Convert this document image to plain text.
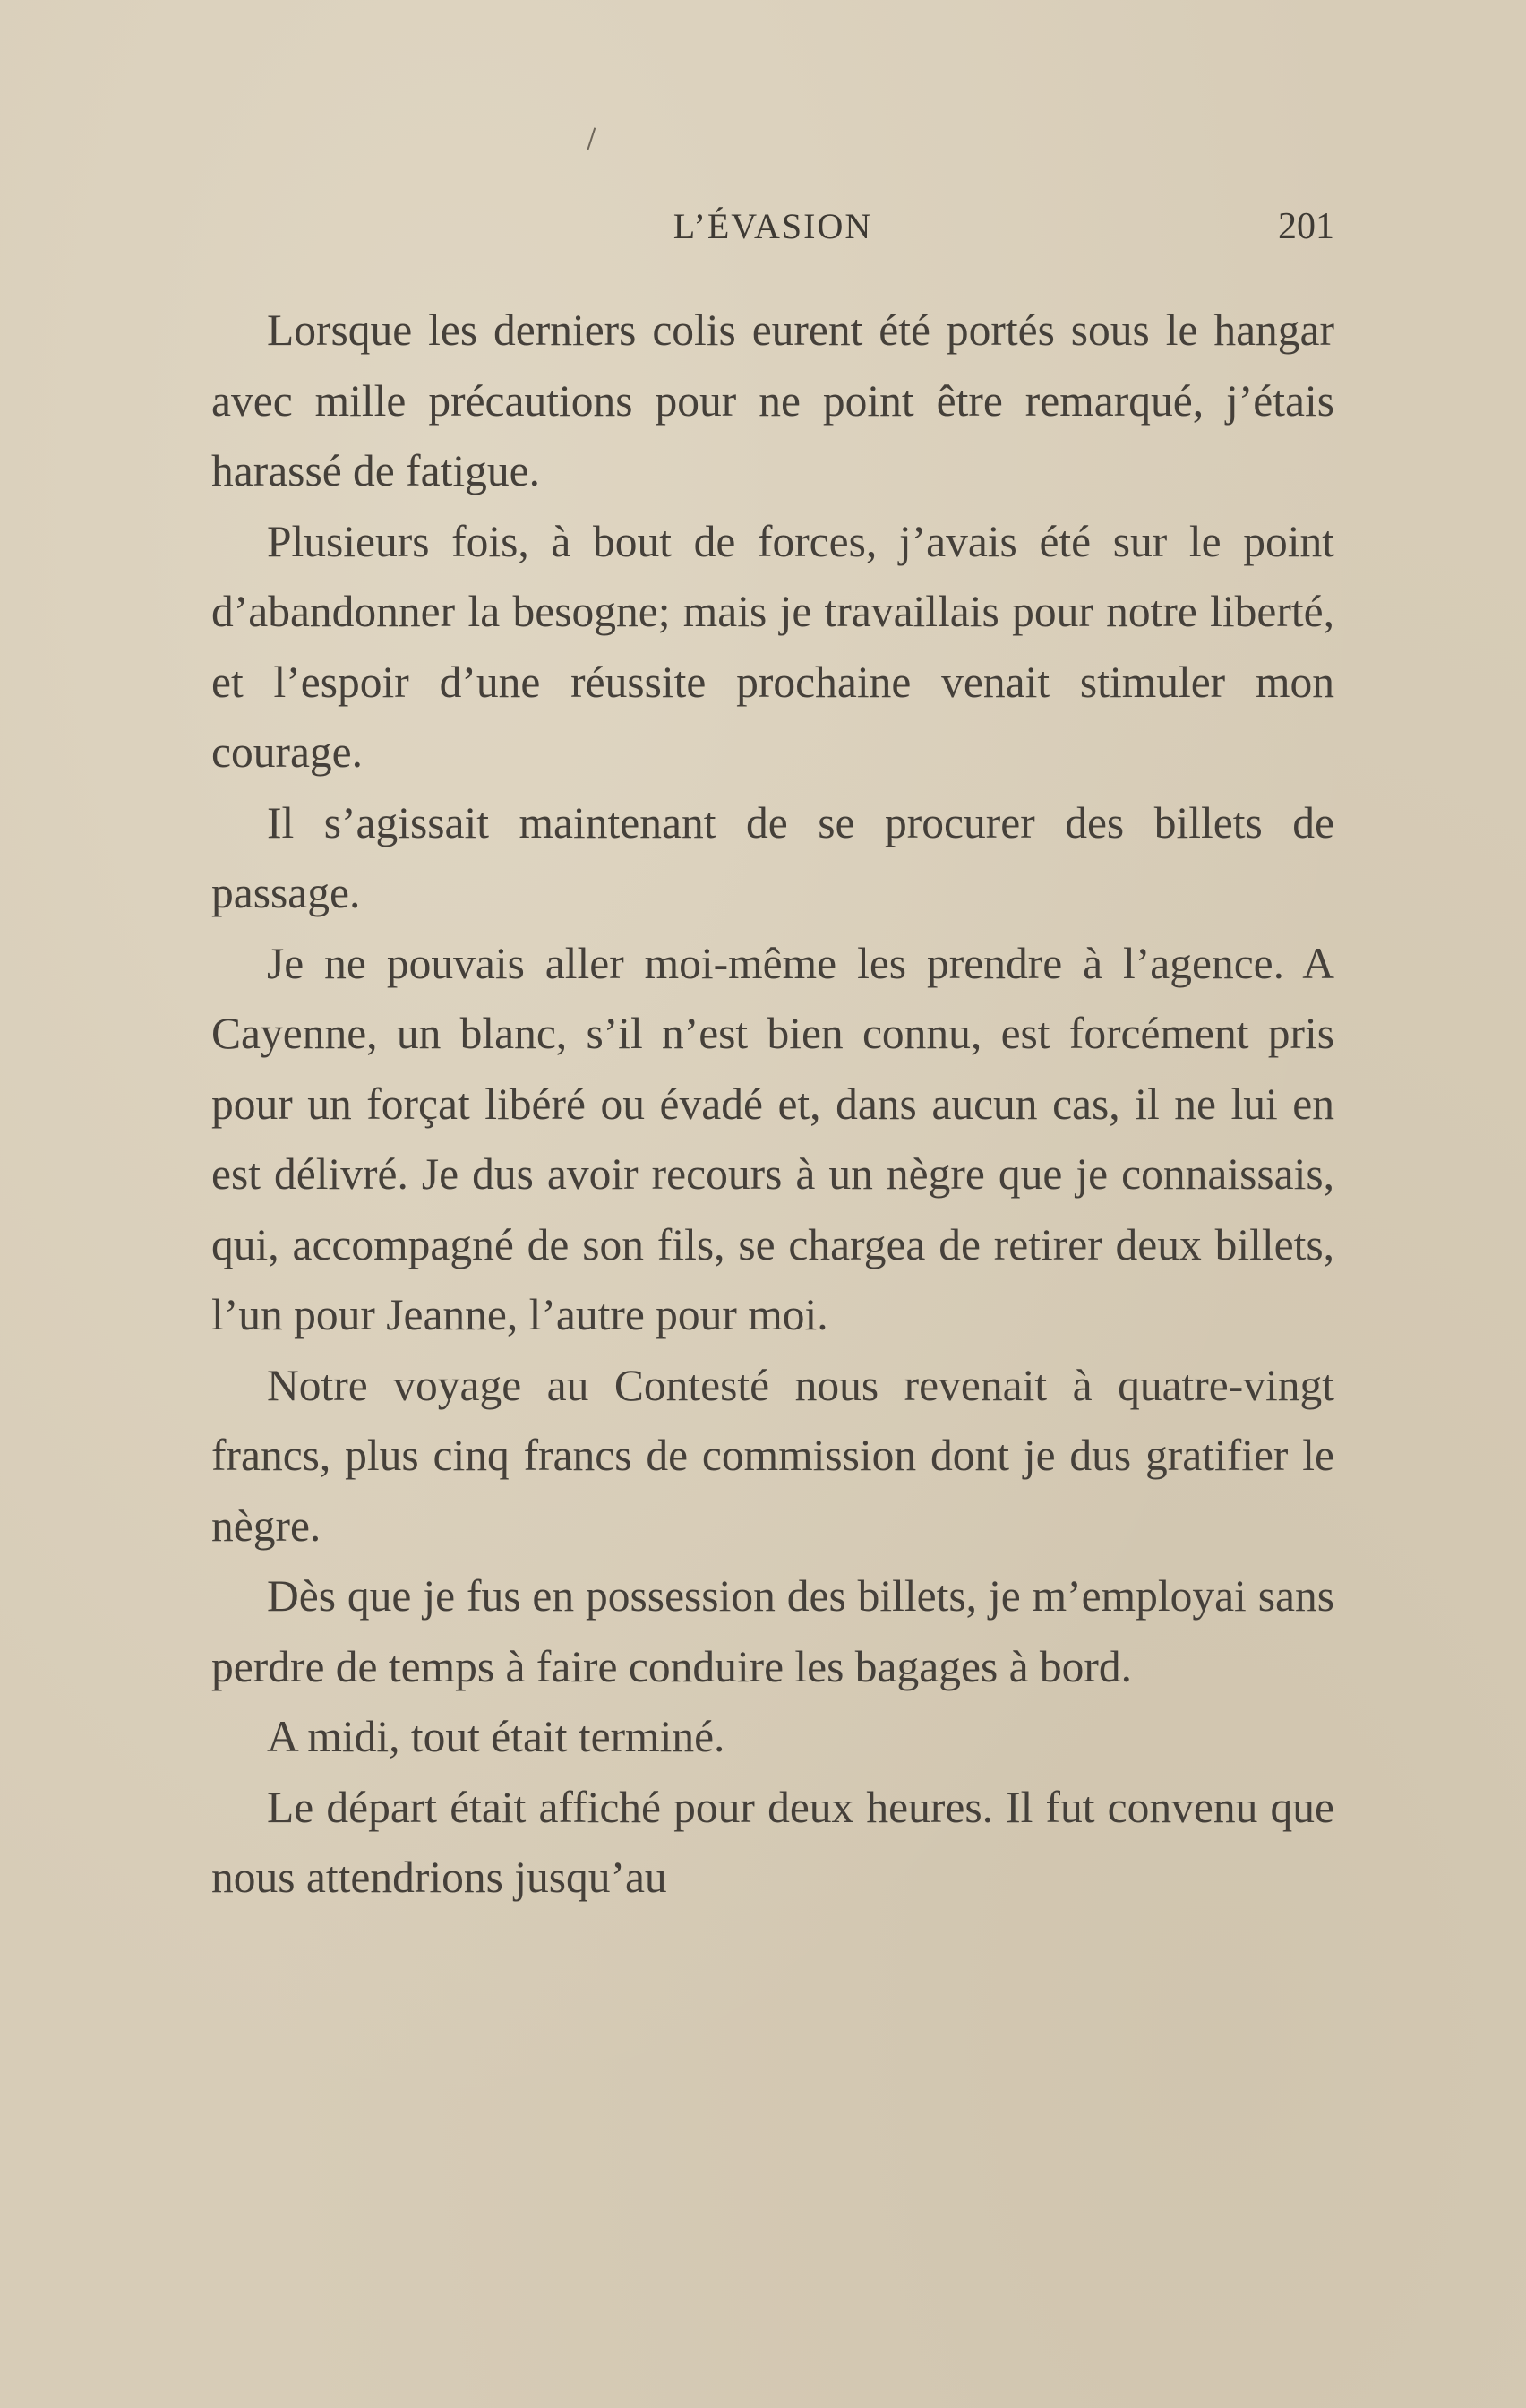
L’ÉVASION	201

Lorsque les derniers colis eurent été portés sous le hangar avec mille précautions pour ne point être remarqué, j’étais harassé de fatigue.

Plusieurs fois, à bout de forces, j’avais été sur le point d’abandonner la besogne; mais je travaillais pour notre liberté, et l’espoir d’une réussite prochaine venait stimuler mon courage.

Il s’agissait maintenant de se procurer des billets de passage.

Je ne pouvais aller moi-même les prendre à l’agence. A Cayenne, un blanc, s’il n’est bien connu, est forcément pris pour un forçat libéré ou évadé et, dans aucun cas, il ne lui en est délivré. Je dus avoir recours à un nègre que je connaissais, qui, accompagné de son fils, se chargea de retirer deux billets, l’un pour Jeanne, l’autre pour moi.

Notre voyage au Contesté nous revenait à quatre-vingt francs, plus cinq francs de commission dont je dus gratifier le nègre.

Dès que je fus en possession des billets, je m’employai sans perdre de temps à faire conduire les bagages à bord.

A midi, tout était terminé.

Le départ était affiché pour deux heures. Il fut convenu que nous attendrions jusqu’au
